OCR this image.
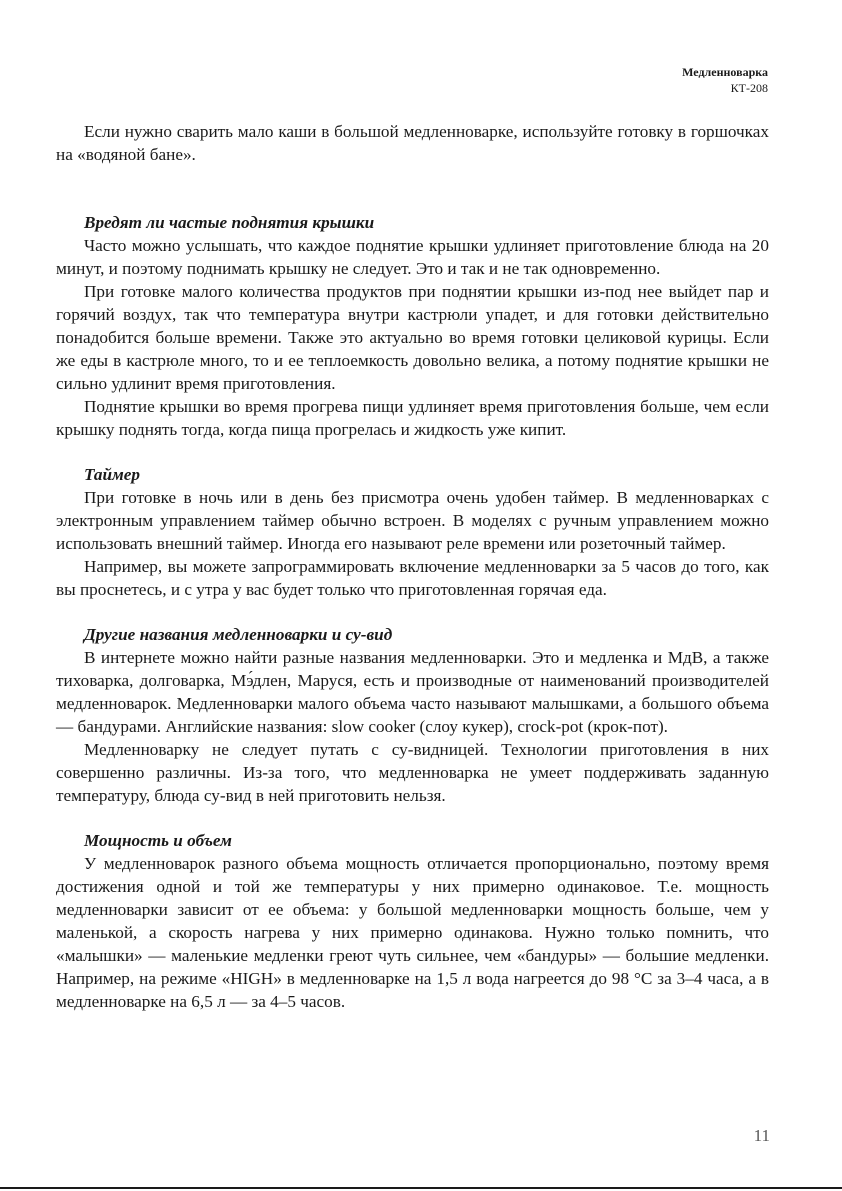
Медленноварка
КТ-208

Если нужно сварить мало каши в большой медленноварке, используйте готовку в горшочках на «водяной бане».

Вредят ли частые поднятия крышки

Часто можно услышать, что каждое поднятие крышки удлиняет приготовление блюда на 20 минут, и поэтому поднимать крышку не следует. Это и так и не так одновременно.

При готовке малого количества продуктов при поднятии крышки из-под нее выйдет пар и горячий воздух, так что температура внутри кастрюли упадет, и для готовки действительно понадобится больше времени. Также это актуально во время готовки целиковой курицы. Если же еды в кастрюле много, то и ее теплоемкость довольно велика, а потому поднятие крышки не сильно удлинит время приготовления.

Поднятие крышки во время прогрева пищи удлиняет время приготовления больше, чем если крышку поднять тогда, когда пища прогрелась и жидкость уже кипит.

Таймер

При готовке в ночь или в день без присмотра очень удобен таймер. В медленноварках с электронным управлением таймер обычно встроен. В моделях с ручным управлением можно использовать внешний таймер. Иногда его называют реле времени или розеточный таймер.

Например, вы можете запрограммировать включение медленноварки за 5 часов до того, как вы проснетесь, и с утра у вас будет только что приготовленная горячая еда.

Другие названия медленноварки и су-вид

В интернете можно найти разные названия медленноварки. Это и медленка и МдВ, а также тиховарка, долговарка, Мэ́длен, Маруся, есть и производные от наименований производителей медленноварок. Медленноварки малого объема часто называют малышками, а большого объема — бандурами. Английские названия: slow cooker (слоу кукер), crock-pot (крок-пот).

Медленноварку не следует путать с су-видницей. Технологии приготовления в них совершенно различны. Из-за того, что медленноварка не умеет поддерживать заданную температуру, блюда су-вид в ней приготовить нельзя.

Мощность и объем

У медленноварок разного объема мощность отличается пропорционально, поэтому время достижения одной и той же температуры у них примерно одинаковое. Т.е. мощность медленноварки зависит от ее объема: у большой медленноварки мощность больше, чем у маленькой, а скорость нагрева у них примерно одинакова. Нужно только помнить, что «малышки» — маленькие медленки греют чуть сильнее, чем «бандуры» — большие медленки. Например, на режиме «HIGH» в медленноварке на 1,5 л вода нагреется до 98 °C за 3–4 часа, а в медленноварке на 6,5 л — за 4–5 часов.

11
